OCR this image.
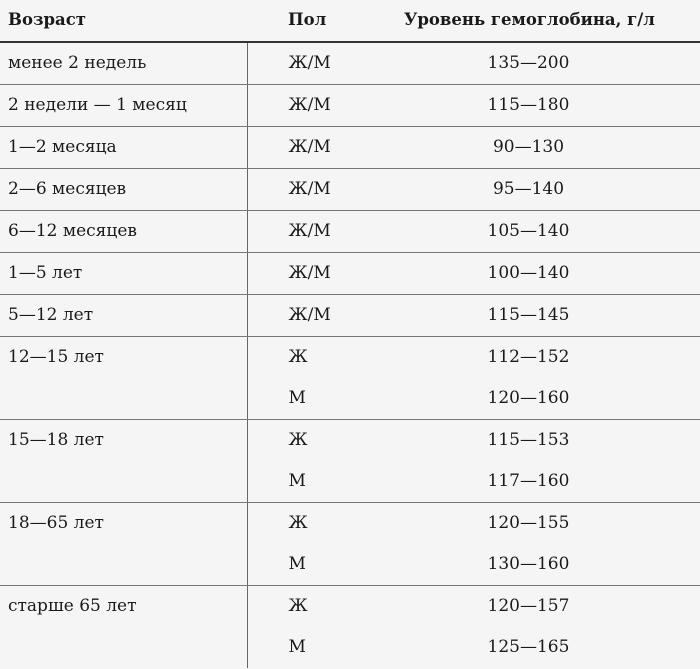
Возраст	Пол	Уровень гемоглобина, г/л
менее 2 недель	Ж/М	135—200
2 недели — 1 месяц	Ж/М	115—180
1—2 месяца	Ж/М	90—130
2—6 месяцев	Ж/М	95—140
6—12 месяцев	Ж/М	105—140
1—5 лет	Ж/М	100—140
5—12 лет	Ж/М	115—145
12—15 лет	Ж	112—152
	М	120—160
15—18 лет	Ж	115—153
	М	117—160
18—65 лет	Ж	120—155
	М	130—160
старше 65 лет	Ж	120—157
	М	125—165
